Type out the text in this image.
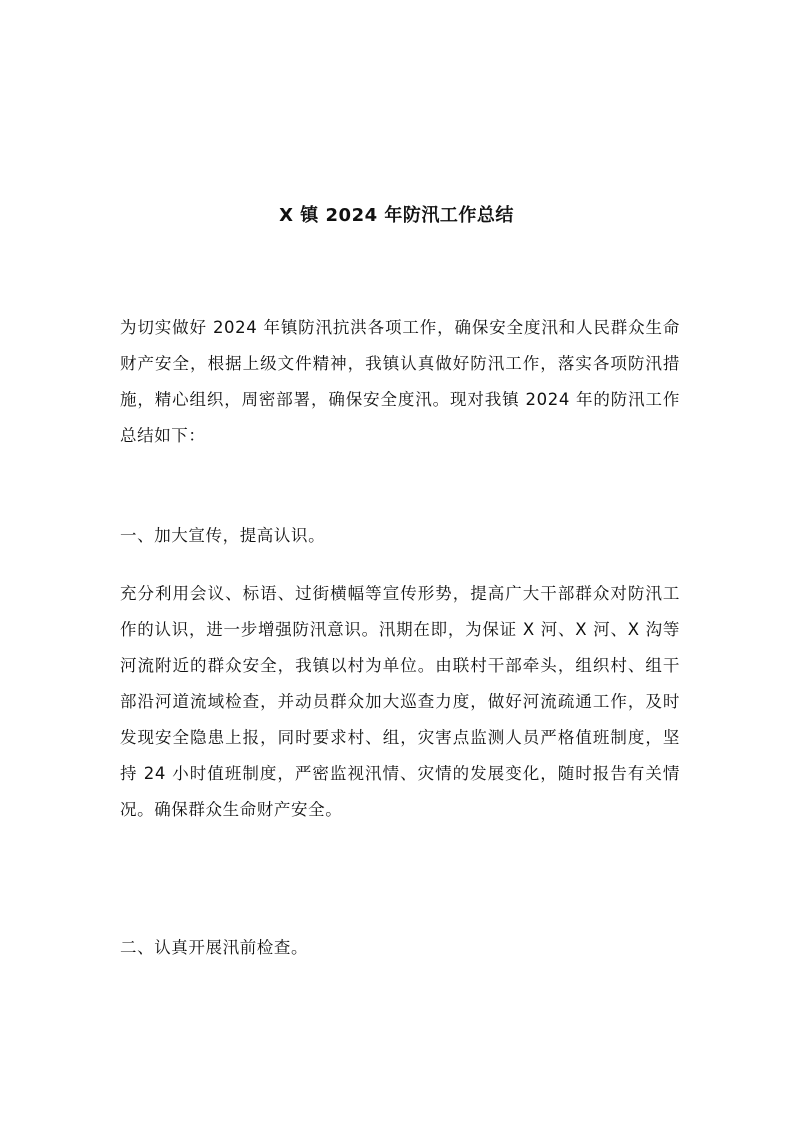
X 镇 2024 年防汛工作总结
为切实做好 2024 年镇防汛抗洪各项工作，确保安全度汛和人民群众生命财产安全，根据上级文件精神，我镇认真做好防汛工作，落实各项防汛措施，精心组织，周密部署，确保安全度汛。现对我镇 2024 年的防汛工作总结如下：
一、加大宣传，提高认识。
充分利用会议、标语、过街横幅等宣传形势，提高广大干部群众对防汛工作的认识，进一步增强防汛意识。汛期在即，为保证 X 河、X 河、X 沟等河流附近的群众安全，我镇以村为单位。由联村干部牵头，组织村、组干部沿河道流域检查，并动员群众加大巡查力度，做好河流疏通工作，及时发现安全隐患上报，同时要求村、组，灾害点监测人员严格值班制度，坚持 24 小时值班制度，严密监视汛情、灾情的发展变化，随时报告有关情况。确保群众生命财产安全。
二、认真开展汛前检查。
